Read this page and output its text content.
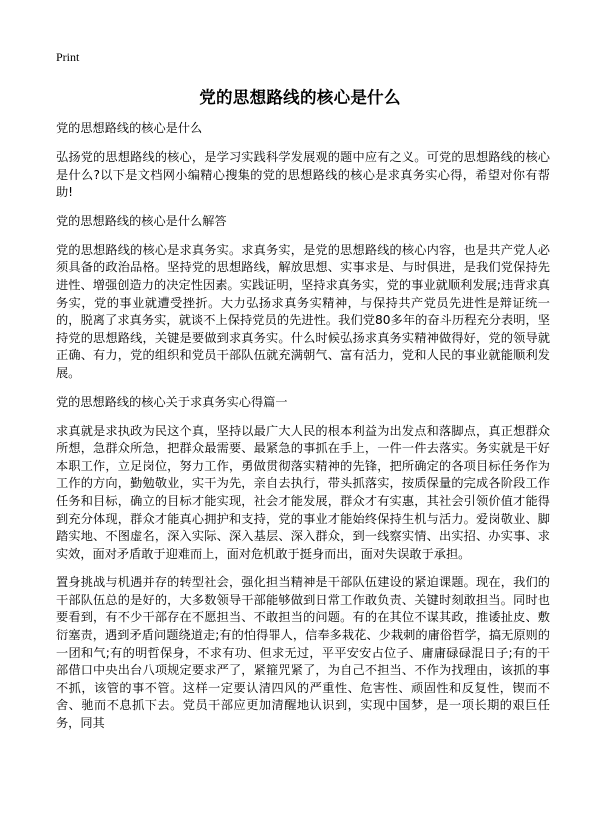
Print
党的思想路线的核心是什么
党的思想路线的核心是什么
弘扬党的思想路线的核心，是学习实践科学发展观的题中应有之义。可党的思想路线的核心是什么?以下是文档网小编精心搜集的党的思想路线的核心是求真务实心得，希望对你有帮助!
党的思想路线的核心是什么解答
党的思想路线的核心是求真务实。求真务实，是党的思想路线的核心内容，也是共产党人必须具备的政治品格。坚持党的思想路线，解放思想、实事求是、与时俱进，是我们党保持先进性、增强创造力的决定性因素。实践证明，坚持求真务实，党的事业就顺利发展;违背求真务实，党的事业就遭受挫折。大力弘扬求真务实精神，与保持共产党员先进性是辩证统一的，脱离了求真务实，就谈不上保持党员的先进性。我们党80多年的奋斗历程充分表明，坚持党的思想路线，关键是要做到求真务实。什么时候弘扬求真务实精神做得好，党的领导就正确、有力，党的组织和党员干部队伍就充满朝气、富有活力，党和人民的事业就能顺利发展。
党的思想路线的核心关于求真务实心得篇一
求真就是求执政为民这个真，坚持以最广大人民的根本利益为出发点和落脚点，真正想群众所想，急群众所急，把群众最需要、最紧急的事抓在手上，一件一件去落实。务实就是干好本职工作，立足岗位，努力工作，勇做贯彻落实精神的先锋，把所确定的各项目标任务作为工作的方向，勤勉敬业，实干为先，亲自去执行，带头抓落实，按质保量的完成各阶段工作任务和目标，确立的目标才能实现，社会才能发展，群众才有实惠，其社会引领价值才能得到充分体现，群众才能真心拥护和支持，党的事业才能始终保持生机与活力。爱岗敬业、脚踏实地、不图虚名，深入实际、深入基层、深入群众，到一线察实情、出实招、办实事、求实效，面对矛盾敢于迎难而上，面对危机敢于挺身而出，面对失误敢于承担。
置身挑战与机遇并存的转型社会，强化担当精神是干部队伍建设的紧迫课题。现在，我们的干部队伍总的是好的，大多数领导干部能够做到日常工作敢负责、关键时刻敢担当。同时也要看到，有不少干部存在不愿担当、不敢担当的问题。有的在其位不谋其政，推诿扯皮、敷衍塞责，遇到矛盾问题绕道走;有的怕得罪人，信奉多栽花、少栽刺的庸俗哲学，搞无原则的一团和气;有的明哲保身，不求有功、但求无过，平平安安占位子、庸庸碌碌混日子;有的干部借口中央出台八项规定要求严了，紧箍咒紧了，为自己不担当、不作为找理由，该抓的事不抓，该管的事不管。这样一定要认清四风的严重性、危害性、顽固性和反复性，锲而不舍、驰而不息抓下去。党员干部应更加清醒地认识到，实现中国梦，是一项长期的艰巨任务，同其
